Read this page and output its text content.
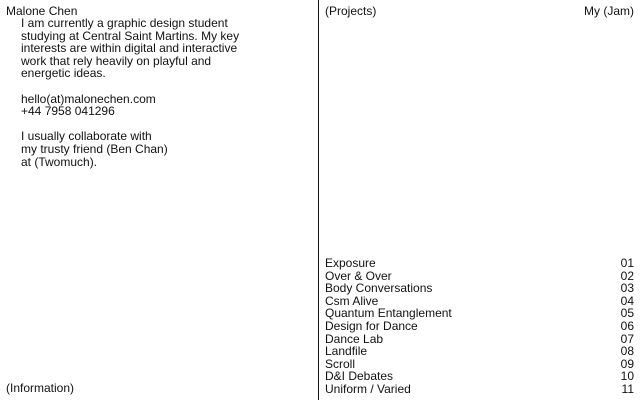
Malone Chen

I am currently a graphic design student
studying at Central Saint Martins. My key
interests are within digital and interactive
work that rely heavily on playful and
energetic ideas.

hello(at)malonechen.com
+44 7958 041296

I usually collaborate with
my trusty friend (Ben Chan)
at (Twomuch).

(Information)
(Projects)	My (Jam)
Exposure	01
Over & Over	02
Body Conversations	03
Csm Alive	04
Quantum Entanglement	05
Design for Dance	06
Dance Lab	07
Landfile	08
Scroll	09
D&I Debates	10
Uniform / Varied	11
